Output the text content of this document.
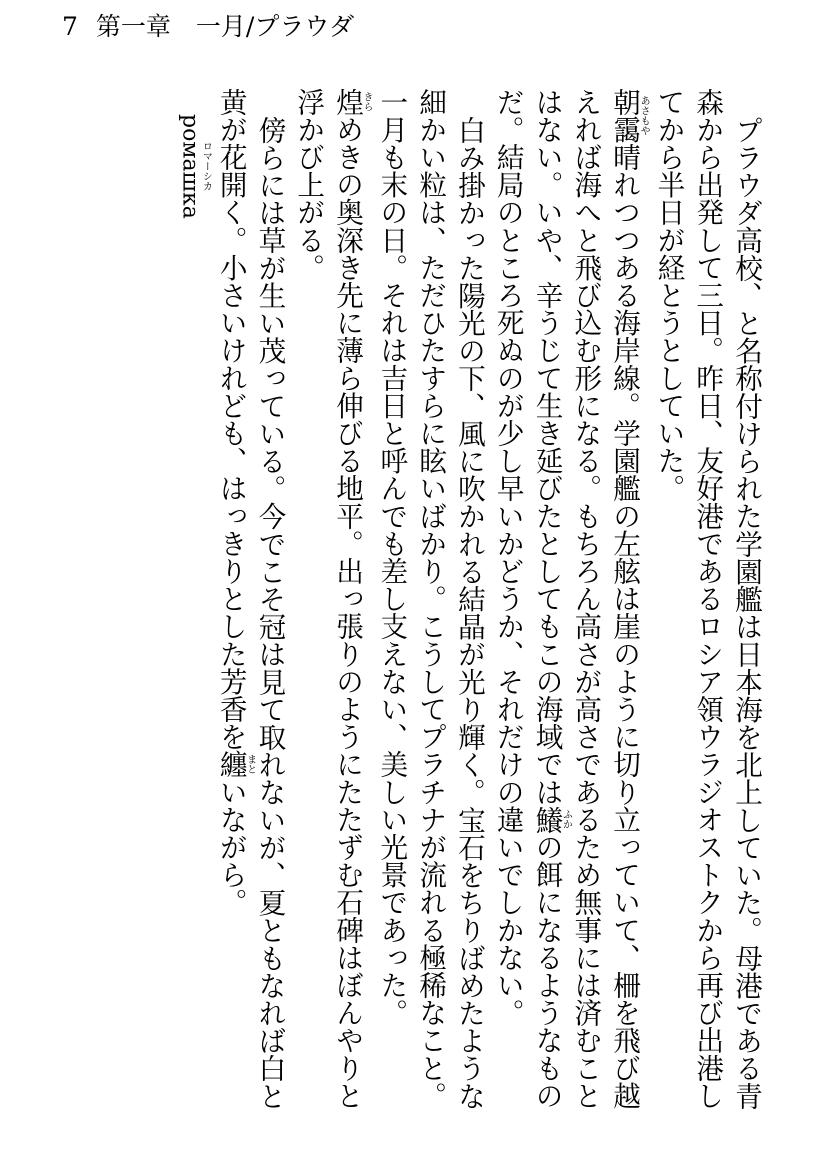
7 第一章　一月/プラウダ

プラウダ高校、と名称付けられた学園艦は日本海を北上していた。母港である青森から出発して三日。昨日、友好港であるロシア領ウラジオストクから再び出港してから半日が経とうとしていた。

朝靄あさもや晴れつつある海岸線。学園艦の左舷は崖のように切り立っていて、柵を飛び越えれば海へと飛び込む形になる。もちろん高さが高さであるため無事には済むことはない。いや、辛うじて生き延びたとしてもこの海域では鱶ふかの餌になるようなものだ。結局のところ死ぬのが少し早いかどうか、それだけの違いでしかない。

白み掛かった陽光の下、風に吹かれる結晶が光り輝く。宝石をちりばめたような細かい粒は、ただひたすらに眩いばかり。こうしてプラチナが流れる極稀なこと。一月も末の日。それは吉日と呼んでも差し支えない、美しい光景であった。

煌きらめきの奥深き先に薄ら伸びる地平。出っ張りのようにたたずむ石碑はぼんやりと浮かび上がる。

傍らには草が生い茂っている。今でこそ冠は見て取れないが、夏ともなれば白と黄が花開く。小さいけれども、はっきりとした芳香を纏まといながら。

ромашкаロマーシカ
